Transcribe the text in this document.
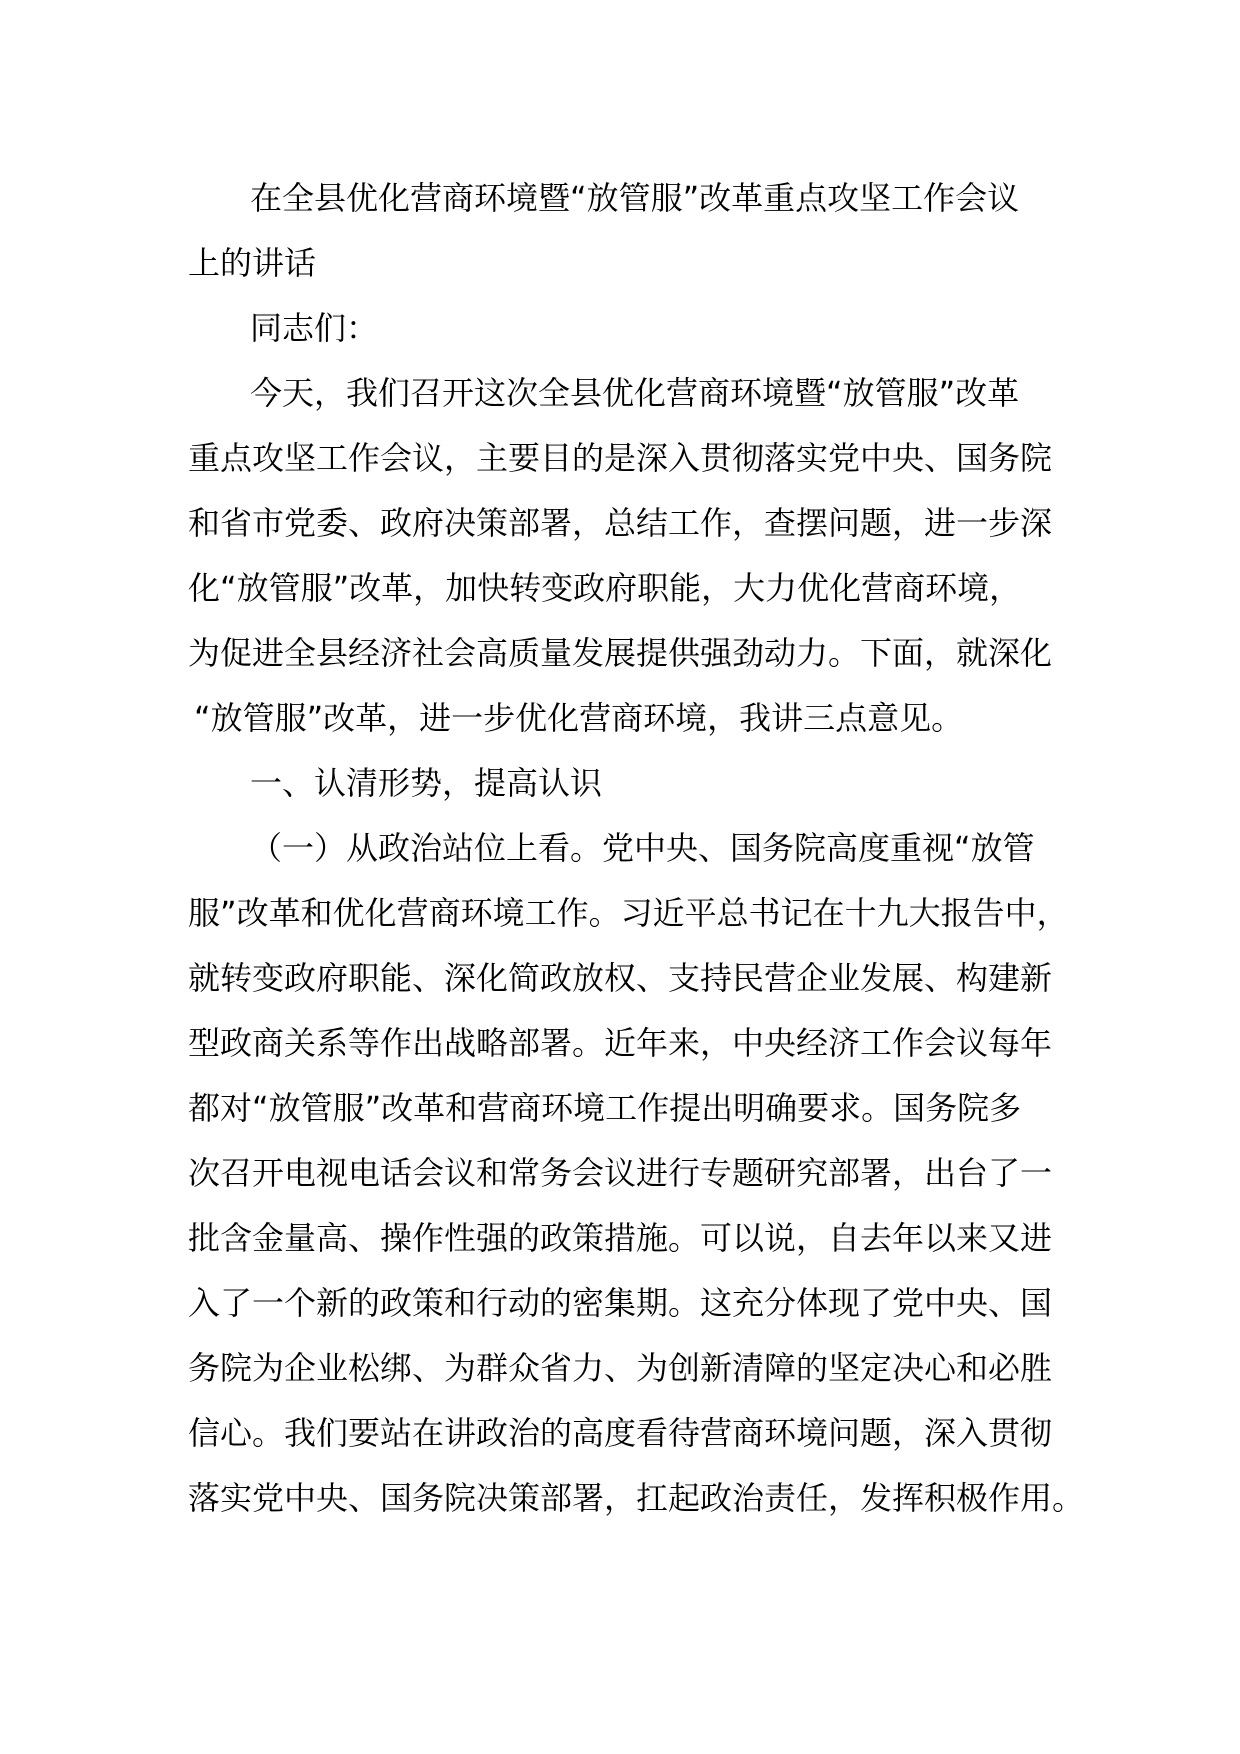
在全县优化营商环境暨“放管服”改革重点攻坚工作会议
上的讲话
同志们：
今天，我们召开这次全县优化营商环境暨“放管服”改革
重点攻坚工作会议，主要目的是深入贯彻落实党中央、国务院
和省市党委、政府决策部署，总结工作，查摆问题，进一步深
化“放管服”改革，加快转变政府职能，大力优化营商环境，
为促进全县经济社会高质量发展提供强劲动力。下面，就深化
“放管服”改革，进一步优化营商环境，我讲三点意见。
一、认清形势，提高认识
（一）从政治站位上看。党中央、国务院高度重视“放管
服”改革和优化营商环境工作。习近平总书记在十九大报告中，
就转变政府职能、深化简政放权、支持民营企业发展、构建新
型政商关系等作出战略部署。近年来，中央经济工作会议每年
都对“放管服”改革和营商环境工作提出明确要求。国务院多
次召开电视电话会议和常务会议进行专题研究部署，出台了一
批含金量高、操作性强的政策措施。可以说，自去年以来又进
入了一个新的政策和行动的密集期。这充分体现了党中央、国
务院为企业松绑、为群众省力、为创新清障的坚定决心和必胜
信心。我们要站在讲政治的高度看待营商环境问题，深入贯彻
落实党中央、国务院决策部署，扛起政治责任，发挥积极作用。
